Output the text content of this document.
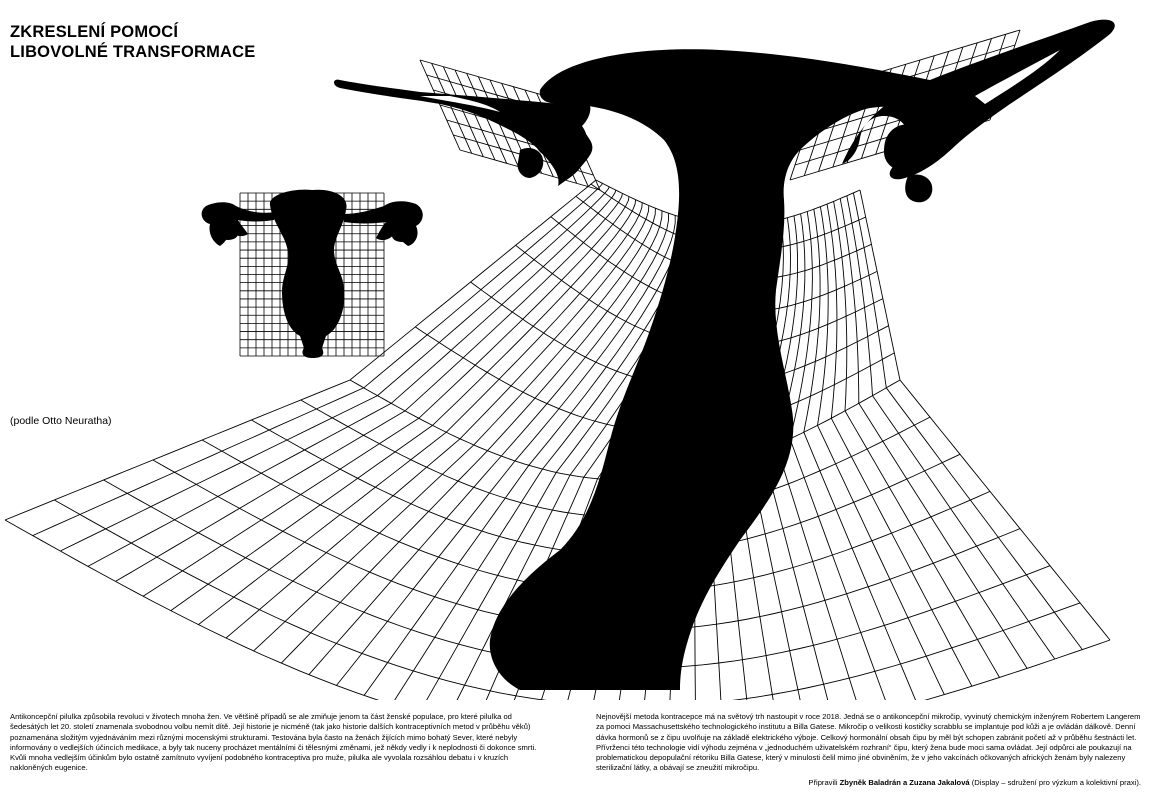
ZKRESLENÍ POMOCÍ
LIBOVOLNÉ TRANSFORMACE
(podle Otto Neuratha)

Antikoncepční pilulka způsobila revoluci v životech mnoha žen. Ve většině případů se ale zmiňuje jenom ta část ženské populace, pro které pilulka od šedesátých let 20. století znamenala svobodnou volbu nemít dítě. Její historie je nicméně (tak jako historie dalších kontraceptivních metod v průběhu věků) poznamenána složitým vyjednáváním mezi různými mocenskými strukturami. Testována byla často na ženách žijících mimo bohatý Sever, které nebyly informovány o vedlejších účincích medikace, a byly tak nuceny procházet mentálními či tělesnými změnami, jež někdy vedly i k neplodnosti či dokonce smrti. Kvůli mnoha vedlejším účinkům bylo ostatně zamítnuto vyvíjení podobného kontraceptiva pro muže, pilulka ale vyvolala rozsáhlou debatu i v kruzích nakloněných eugenice.

Nejnovější metoda kontracepce má na světový trh nastoupit v roce 2018. Jedná se o antikoncepční mikročip, vyvinutý chemickým inženýrem Robertem Langerem za pomoci Massachusettského technologického institutu a Billa Gatese. Mikročip o velikosti kostičky scrabblu se implantuje pod kůži a je ovládán dálkově. Denní dávka hormonů se z čipu uvolňuje na základě elektrického výboje. Celkový hormonální obsah čipu by měl být schopen zabránit početí až v průběhu šestnácti let. Přívrženci této technologie vidí výhodu zejména v „jednoduchém uživatelském rozhraní“ čipu, který žena bude moci sama ovládat. Její odpůrci ale poukazují na problematickou depopulační rétoriku Billa Gatese, který v minulosti čelil mimo jiné obviněním, že v jeho vakcínách očkovaných afrických ženám byly nalezeny sterilizační látky, a obávají se zneužití mikročipu.

Připravili Zbyněk Baladrán a Zuzana Jakalová (Display – sdružení pro výzkum a kolektivní praxi).
